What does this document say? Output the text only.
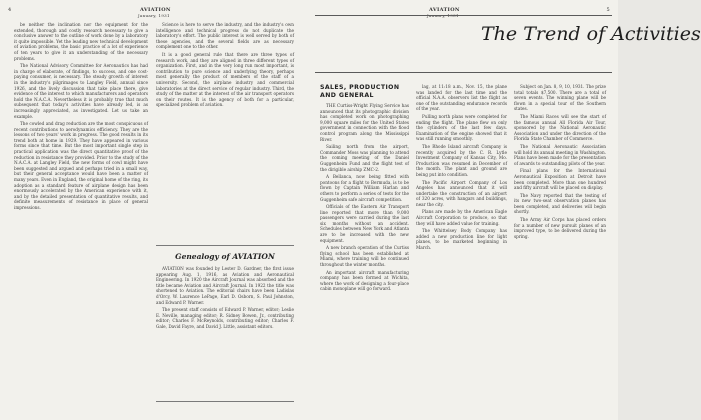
4	AVIATION
January, 1931

be neither the inclination nor the equipment for the extended, thorough and costly research necessary to give a conclusive answer to the outline of work done by a laboratory it quite impossible. Yet the leading new technical development of aviation problems, the basic practice of a lot of experience of ten years to give it an understanding of the necessary problems.

The National Advisory Committee for Aeronautics has had in charge of elaborate, of findings, to success, and one cost-paying consumer, is necessary. The steady growth of interest in the industry's pilgrimages to Langley Field, annual since 1926, and the lively discussion that take place there, give evidence of the interest to which manufacturers and operators hold the N.A.C.A. Nevertheless it is probably true that much subsequent that today's activities have already led, is as increasingly appreciated, as investigated. Let us take an example.

The cowled and drag reduction are the most conspicuous of recent contributions to aerodynamics efficiency. They are the lessons of two years' work in progress. The good results in its trend both at home in 1929. They have appeared in various forms since that time. But the most important single step in practical application was the direct quantitative proof of the reduction in resistance they provided. Prior to the study of the N.A.C.A. at Langley Field, the new forms of cowl might have been suggested and argued and perhaps tried in a small way, but their general acceptance would have been a matter of many years. Even in England, the original home of the ring, its adoption as a standard feature of airplane design has been enormously accelerated by the American experience with it, and by the detailed presentation of quantitative results, and definite measurements of resistance in place of general impressions.

Science is here to serve the industry, and the industry's own intelligence and technical progress do not duplicate the laboratory's effort. The public interest is well served by both of these agencies, and the several fields are as necessary complement one to the other.

It is a good general rule that there are three types of research work, and they are aligned in three different types of organization. First, and in the very long run most important, is contribution to pure science and underlying theory, perhaps most generally the product of members of the staff of a university. Second, the airplane industry and commercial laboratories at the direct service of regular industry. Third, the study of the matter at the interest of the air transport operators on their routes. It is the agency of both for a particular, specialized problem of aviation.

Genealogy of AVIATION

AVIATION was founded by Lester D. Gardner, the first issue appearing Aug. 1, 1916, as Aviation and Aeronautical Engineering. In 1920 the Aircraft Journal was absorbed and the title became Aviation and Aircraft Journal. In 1922 the title was shortened to Aviation. The editorial chairs have been Ladislas d'Orcy, W. Laurence LePage, Earl D. Osborn, S. Paul Johnston, and Edward P. Warner.

The present staff consists of Edward P. Warner, editor; Leslie E. Neville, managing editor; R. Sidney Bowen, Jr., contributing editor; Charles F. McReynolds, contributing editor; Charles F. Gale, David Fayre, and David J. Little, assistant editors.

AVIATION
January, 1931
5
The Trend of Activities
SALES, PRODUCTION
AND GENERAL

THE Curtiss-Wright Flying Service has announced that its photographic division has completed work on photographing 9,000 square miles for the United States government in connection with the flood control program along the Mississippi River.

Sailing north from the airport, Commander Moss was planning to attend the coming meeting of the Daniel Guggenheim Fund and the flight test of the dirigible airship ZMC-2.

A Bellanca, now being fitted with pontoons for a flight to Bermuda, is to be flown by Captain William Harlan and others to perform a series of tests for the Guggenheim safe aircraft competition.

Officials of the Eastern Air Transport line reported that more than 9,000 passengers were carried during the last six months without an accident. Schedules between New York and Atlanta are to be increased with the new equipment.

A new branch operation of the Curtiss flying school has been established at Miami, where training will be continued throughout the winter months.

An important aircraft manufacturing company has been formed at Wichita, where the work of designing a four-place cabin monoplane will go forward.

lag, at 11:18 a.m., Nov. 15, the plane was landed for the last time and the official N.A.A. observers list the flight as one of the outstanding endurance records of the year.

Pulling north plans were completed for ending the flight. The plane flew on only the cylinders of the last few days. Examination of the engine showed that it was still running smoothly.

The Rhode Island aircraft Company is recently acquired by the C. R. Lytle Investment Company of Kansas City, Mo. Production was resumed in December of the month. The plant and ground are being put into condition.

The Pacific Airport Company of Los Angeles has announced that it will undertake the construction of an airport of 320 acres, with hangars and buildings, near the city.

Plans are made by the American Eagle Aircraft Corporation to produce, so that they will have added value for training.

The Whittelsey Body Company has added a new production line for light planes, to be marketed beginning in March.

Subject on Jan. 8, 9, 10, 1931. The prize total totals $7,500. There are a total of seven events. The winning plane will be flown in a special tour of the Southern states.

The Miami Races will see the start of the famous annual All Florida Air Tour, sponsored by the National Aeronautic Association and under the direction of the Florida State Chamber of Commerce.

The National Aeronautic Association will hold its annual meeting in Washington. Plans have been made for the presentation of awards to outstanding pilots of the year.

Final plans for the International Aeronautical Exposition at Detroit have been completed. More than one hundred and fifty aircraft will be placed on display.

The Navy reported that the testing of its new two-seat observation planes has been completed, and deliveries will begin shortly.

The Army Air Corps has placed orders for a number of new pursuit planes of an improved type, to be delivered during the spring.
